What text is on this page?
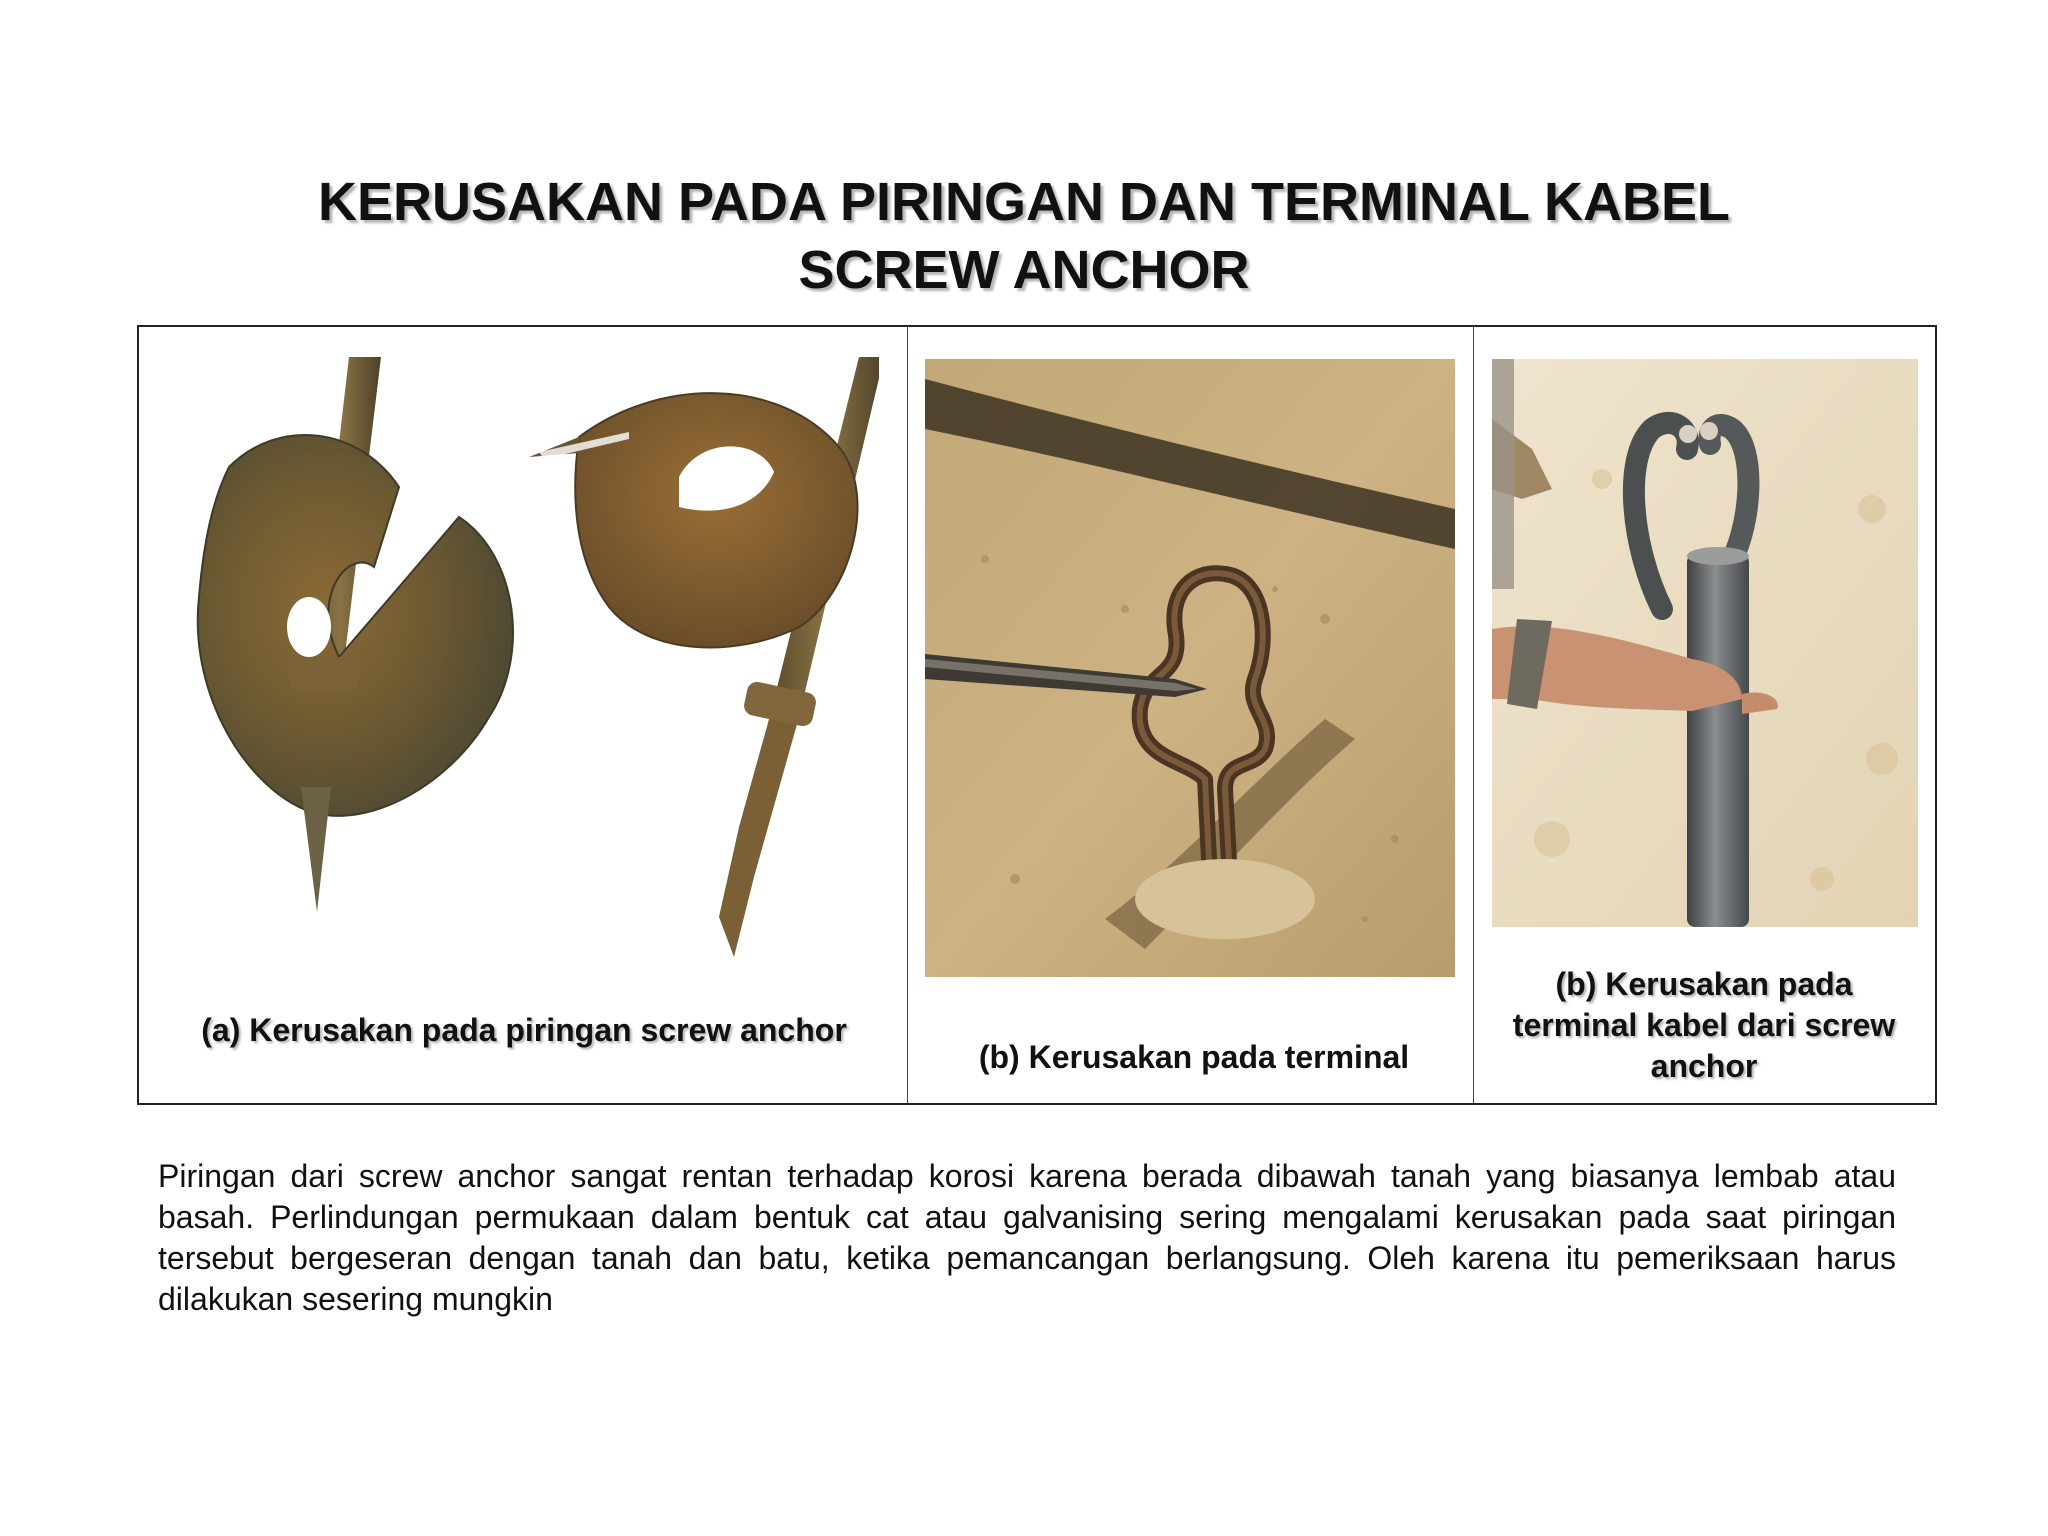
KERUSAKAN PADA PIRINGAN DAN TERMINAL KABEL
SCREW ANCHOR
(a) Kerusakan pada piringan screw anchor
(b) Kerusakan pada terminal
(b) Kerusakan pada
terminal kabel dari screw
anchor
Piringan dari screw anchor sangat rentan terhadap korosi karena berada dibawah tanah yang biasanya lembab atau basah. Perlindungan permukaan dalam bentuk cat atau galvanising sering mengalami kerusakan pada saat piringan tersebut bergeseran dengan tanah dan batu, ketika pemancangan berlangsung. Oleh karena itu pemeriksaan harus dilakukan sesering mungkin
